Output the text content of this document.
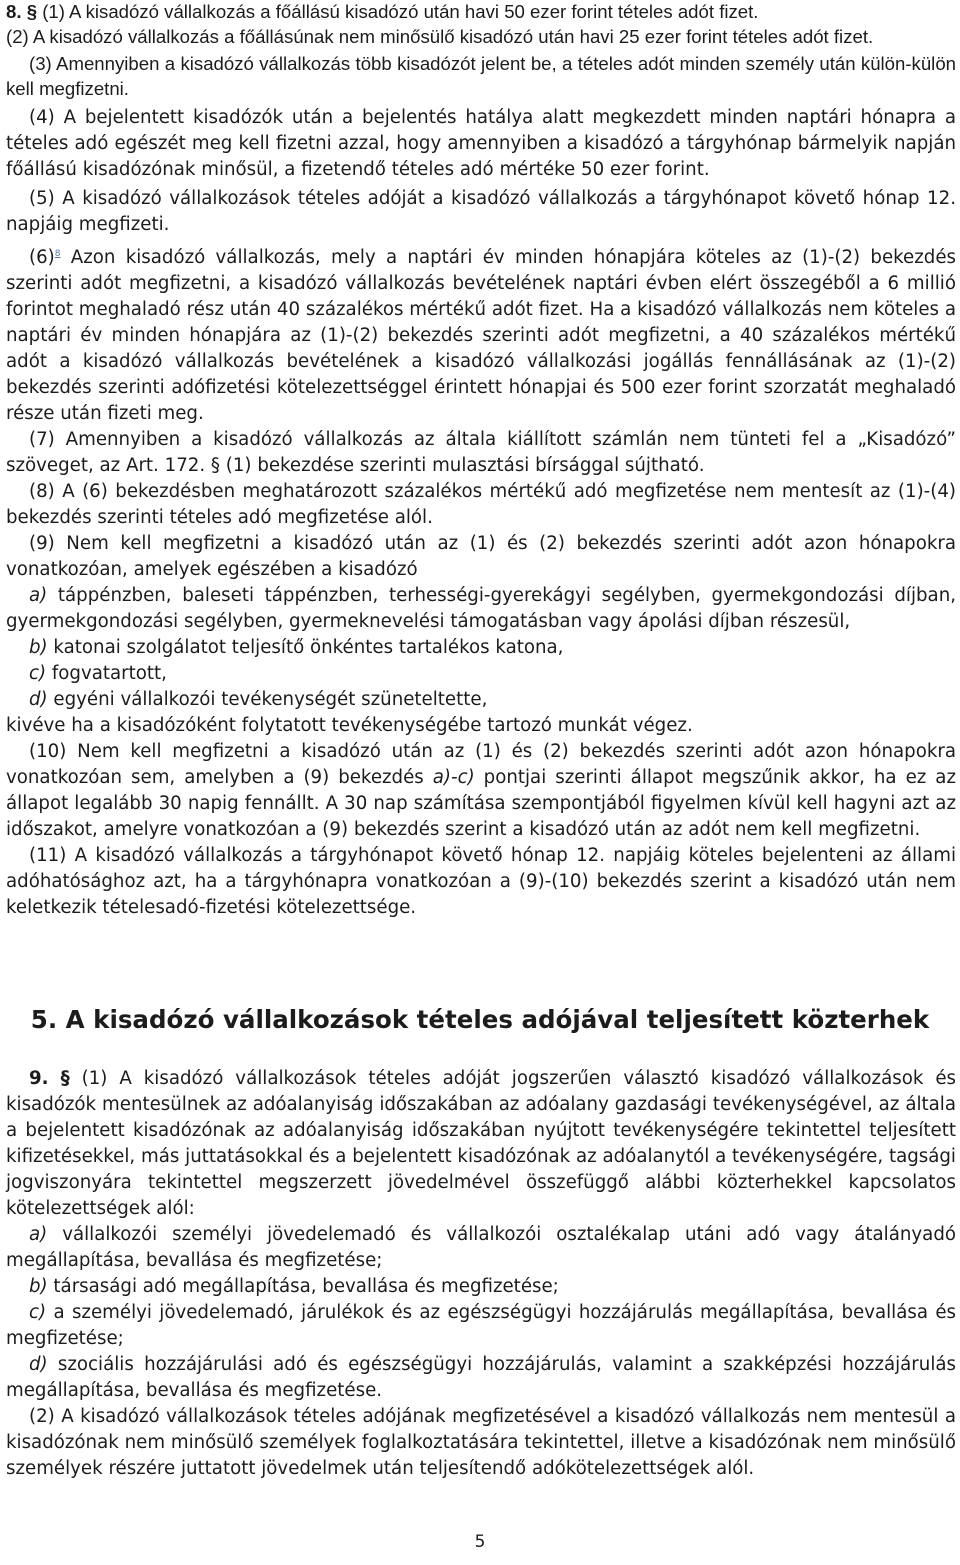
8. § (1) A kisadózó vállalkozás a főállású kisadózó után havi 50 ezer forint tételes adót fizet.

(2) A kisadózó vállalkozás a főállásúnak nem minősülő kisadózó után havi 25 ezer forint tételes adót fizet.

(3) Amennyiben a kisadózó vállalkozás több kisadózót jelent be, a tételes adót minden személy után külön-külön kell megfizetni.

(4) A bejelentett kisadózók után a bejelentés hatálya alatt megkezdett minden naptári hónapra a tételes adó egészét meg kell fizetni azzal, hogy amennyiben a kisadózó a tárgyhónap bármelyik napján főállású kisadózónak minősül, a fizetendő tételes adó mértéke 50 ezer forint.

(5) A kisadózó vállalkozások tételes adóját a kisadózó vállalkozás a tárgyhónapot követő hónap 12. napjáig megfizeti.

$(6)^8$ Azon kisadózó vállalkozás, mely a naptári év minden hónapjára köteles az (1)-(2) bekezdés szerinti adót megfizetni, a kisadózó vállalkozás bevételének naptári évben elért összegéből a 6 millió forintot meghaladó rész után 40 százalékos mértékű adót fizet. Ha a kisadózó vállalkozás nem köteles a naptári év minden hónapjára az (1)-(2) bekezdés szerinti adót megfizetni, a 40 százalékos mértékű adót a kisadózó vállalkozás bevételének a kisadózó vállalkozási jogállás fennállásának az (1)-(2) bekezdés szerinti adófizetési kötelezettséggel érintett hónapjai és 500 ezer forint szorzatát meghaladó része után fizeti meg.

(7) Amennyiben a kisadózó vállalkozás az általa kiállított számlán nem tünteti fel a „Kisadózó” szöveget, az Art. 172. § (1) bekezdése szerinti mulasztási bírsággal sújtható.

(8) A (6) bekezdésben meghatározott százalékos mértékű adó megfizetése nem mentesít az (1)-(4) bekezdés szerinti tételes adó megfizetése alól.

(9) Nem kell megfizetni a kisadózó után az (1) és (2) bekezdés szerinti adót azon hónapokra vonatkozóan, amelyek egészében a kisadózó

a) táppénzben, baleseti táppénzben, terhességi-gyerekágyi segélyben, gyermekgondozási díjban, gyermekgondozási segélyben, gyermeknevelési támogatásban vagy ápolási díjban részesül,

b) katonai szolgálatot teljesítő önkéntes tartalékos katona,

c) fogvatartott,

d) egyéni vállalkozói tevékenységét szüneteltette,

kivéve ha a kisadózóként folytatott tevékenységébe tartozó munkát végez.

(10) Nem kell megfizetni a kisadózó után az (1) és (2) bekezdés szerinti adót azon hónapokra vonatkozóan sem, amelyben a (9) bekezdés a)-c) pontjai szerinti állapot megszűnik akkor, ha ez az állapot legalább 30 napig fennállt. A 30 nap számítása szempontjából figyelmen kívül kell hagyni azt az időszakot, amelyre vonatkozóan a (9) bekezdés szerint a kisadózó után az adót nem kell megfizetni.

(11) A kisadózó vállalkozás a tárgyhónapot követő hónap 12. napjáig köteles bejelenteni az állami adóhatósághoz azt, ha a tárgyhónapra vonatkozóan a (9)-(10) bekezdés szerint a kisadózó után nem keletkezik tételesadó-fizetési kötelezettsége.

5. A kisadózó vállalkozások tételes adójával teljesített közterhek

9. § (1) A kisadózó vállalkozások tételes adóját jogszerűen választó kisadózó vállalkozások és kisadózók mentesülnek az adóalanyiság időszakában az adóalany gazdasági tevékenységével, az általa a bejelentett kisadózónak az adóalanyiság időszakában nyújtott tevékenységére tekintettel teljesített kifizetésekkel, más juttatásokkal és a bejelentett kisadózónak az adóalanytól a tevékenységére, tagsági jogviszonyára tekintettel megszerzett jövedelmével összefüggő alábbi közterhekkel kapcsolatos kötelezettségek alól:

a) vállalkozói személyi jövedelemadó és vállalkozói osztalékalap utáni adó vagy átalányadó megállapítása, bevallása és megfizetése;

b) társasági adó megállapítása, bevallása és megfizetése;

c) a személyi jövedelemadó, járulékok és az egészségügyi hozzájárulás megállapítása, bevallása és megfizetése;

d) szociális hozzájárulási adó és egészségügyi hozzájárulás, valamint a szakképzési hozzájárulás megállapítása, bevallása és megfizetése.

(2) A kisadózó vállalkozások tételes adójának megfizetésével a kisadózó vállalkozás nem mentesül a kisadózónak nem minősülő személyek foglalkoztatására tekintettel, illetve a kisadózónak nem minősülő személyek részére juttatott jövedelmek után teljesítendő adókötelezettségek alól.

5
